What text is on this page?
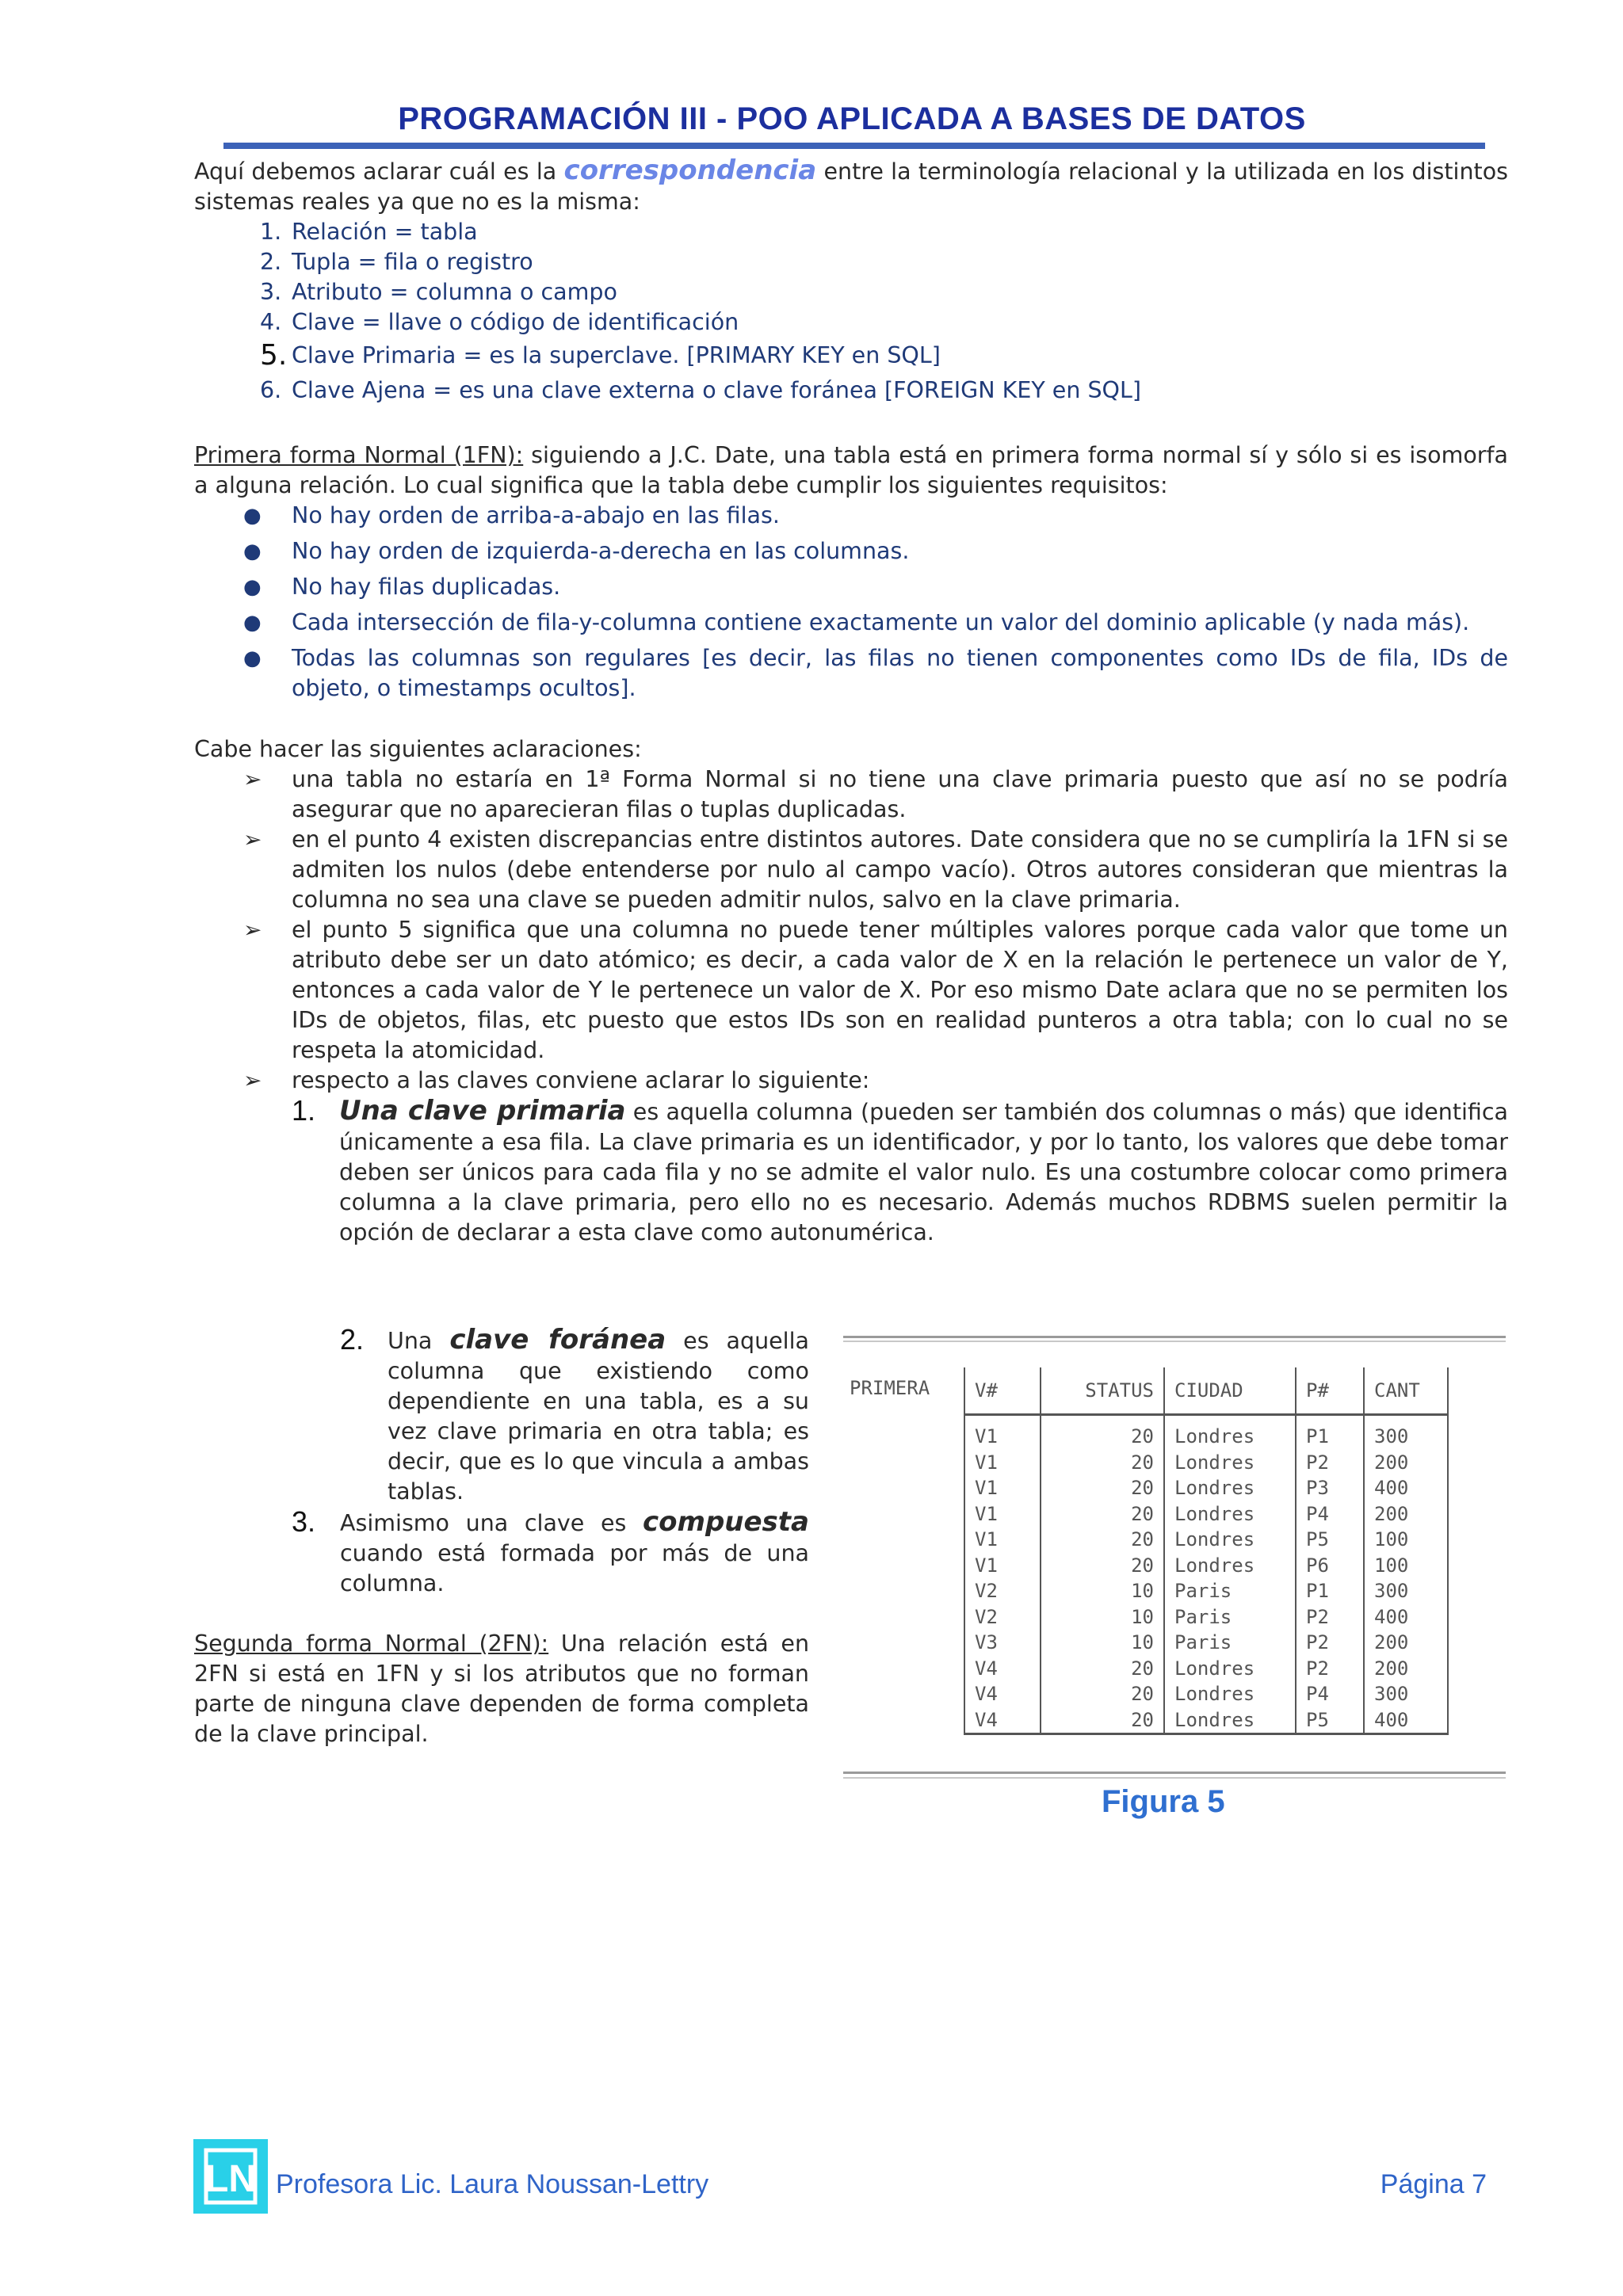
PROGRAMACIÓN III - POO APLICADA A BASES DE DATOS

Aquí debemos aclarar cuál es la correspondencia entre la terminología relacional y la utilizada en los distintos sistemas reales ya que no es la misma:

1. Relación = tabla
2. Tupla = fila o registro
3. Atributo = columna o campo
4. Clave = llave o código de identificación
5. Clave Primaria = es la superclave. [PRIMARY KEY en SQL]
6. Clave Ajena = es una clave externa o clave foránea [FOREIGN KEY en SQL]

Primera forma Normal (1FN): siguiendo a J.C. Date, una tabla está en primera forma normal sí y sólo si es isomorfa a alguna relación. Lo cual significa que la tabla debe cumplir los siguientes requisitos:

●	No hay orden de arriba-a-abajo en las filas.
●	No hay orden de izquierda-a-derecha en las columnas.
●	No hay filas duplicadas.
●	Cada intersección de fila-y-columna contiene exactamente un valor del dominio aplicable (y nada más).
●	Todas las columnas son regulares [es decir, las filas no tienen componentes como IDs de fila, IDs de objeto, o timestamps ocultos].

Cabe hacer las siguientes aclaraciones:

➢	una tabla no estaría en 1ª Forma Normal si no tiene una clave primaria puesto que así no se podría asegurar que no aparecieran filas o tuplas duplicadas.
➢	en el punto 4 existen discrepancias entre distintos autores. Date considera que no se cumpliría la 1FN si se admiten los nulos (debe entenderse por nulo al campo vacío). Otros autores consideran que mientras la columna no sea una clave se pueden admitir nulos, salvo en la clave primaria.
➢	el punto 5 significa que una columna no puede tener múltiples valores porque cada valor que tome un atributo debe ser un dato atómico; es decir, a cada valor de X en la relación le pertenece un valor de Y, entonces a cada valor de Y le pertenece un valor de X. Por eso mismo Date aclara que no se permiten los IDs de objetos, filas, etc puesto que estos IDs son en realidad punteros a otra tabla; con lo cual no se respeta la atomicidad.
➢	respecto a las claves conviene aclarar lo siguiente:
1. Una clave primaria es aquella columna (pueden ser también dos columnas o más) que identifica únicamente a esa fila. La clave primaria es un identificador, y por lo tanto, los valores que debe tomar deben ser únicos para cada fila y no se admite el valor nulo. Es una costumbre colocar como primera columna a la clave primaria, pero ello no es necesario. Además muchos RDBMS suelen permitir la opción de declarar a esta clave como autonumérica.
2.	Una clave foránea es aquella columna que existiendo como dependiente en una tabla, es a su vez clave primaria en otra tabla; es decir, que es lo que vincula a ambas tablas.
3.	Asimismo una clave es compuesta cuando está formada por más de una columna.

Segunda forma Normal (2FN): Una relación está en 2FN si está en 1FN y si los atributos que no forman parte de ninguna clave dependen de forma completa de la clave principal.

PRIMERA V#	STATUS	CIUDAD	P#	CANT
V1	20	Londres	P1	300
V1	20	Londres	P2	200
V1	20	Londres	P3	400
V1	20	Londres	P4	200
V1	20	Londres	P5	100
V1	20	Londres	P6	100
V2	10	Paris	P1	300
V2	10	Paris	P2	400
V3	10	Paris	P2	200
V4	20	Londres	P2	200
V4	20	Londres	P4	300
V4	20	Londres	P5	400
Figura 5
LN Profesora Lic. Laura Noussan-Lettry	Página 7
